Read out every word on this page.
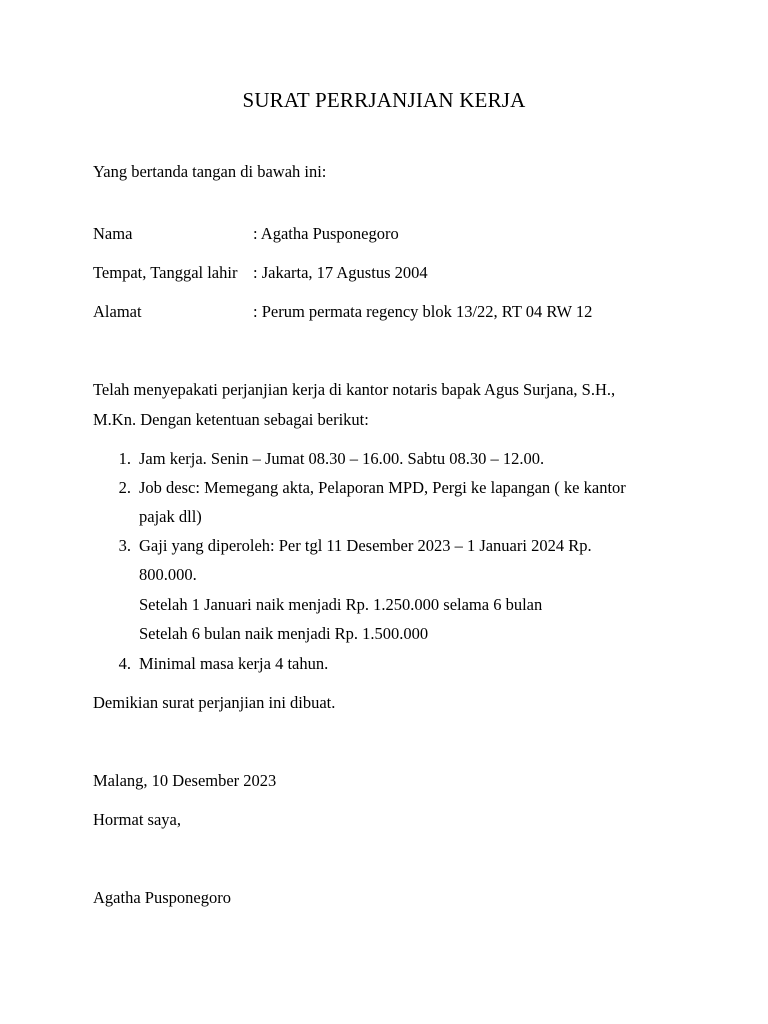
SURAT PERRJANJIAN KERJA
Yang bertanda tangan di bawah ini:
Nama	: Agatha Pusponegoro
Tempat, Tanggal lahir : Jakarta, 17 Agustus 2004
Alamat	: Perum permata regency blok 13/22, RT 04 RW 12
Telah menyepakati perjanjian kerja di kantor notaris bapak Agus Surjana, S.H.,
M.Kn. Dengan ketentuan sebagai berikut:
1. Jam kerja. Senin – Jumat 08.30 – 16.00. Sabtu 08.30 – 12.00.
2. Job desc: Memegang akta, Pelaporan MPD, Pergi ke lapangan ( ke kantor
pajak dll)
3. Gaji yang diperoleh: Per tgl 11 Desember 2023 – 1 Januari 2024 Rp.
800.000.
Setelah 1 Januari naik menjadi Rp. 1.250.000 selama 6 bulan
Setelah 6 bulan naik menjadi Rp. 1.500.000
4. Minimal masa kerja 4 tahun.
Demikian surat perjanjian ini dibuat.
Malang, 10 Desember 2023
Hormat saya,
Agatha Pusponegoro
